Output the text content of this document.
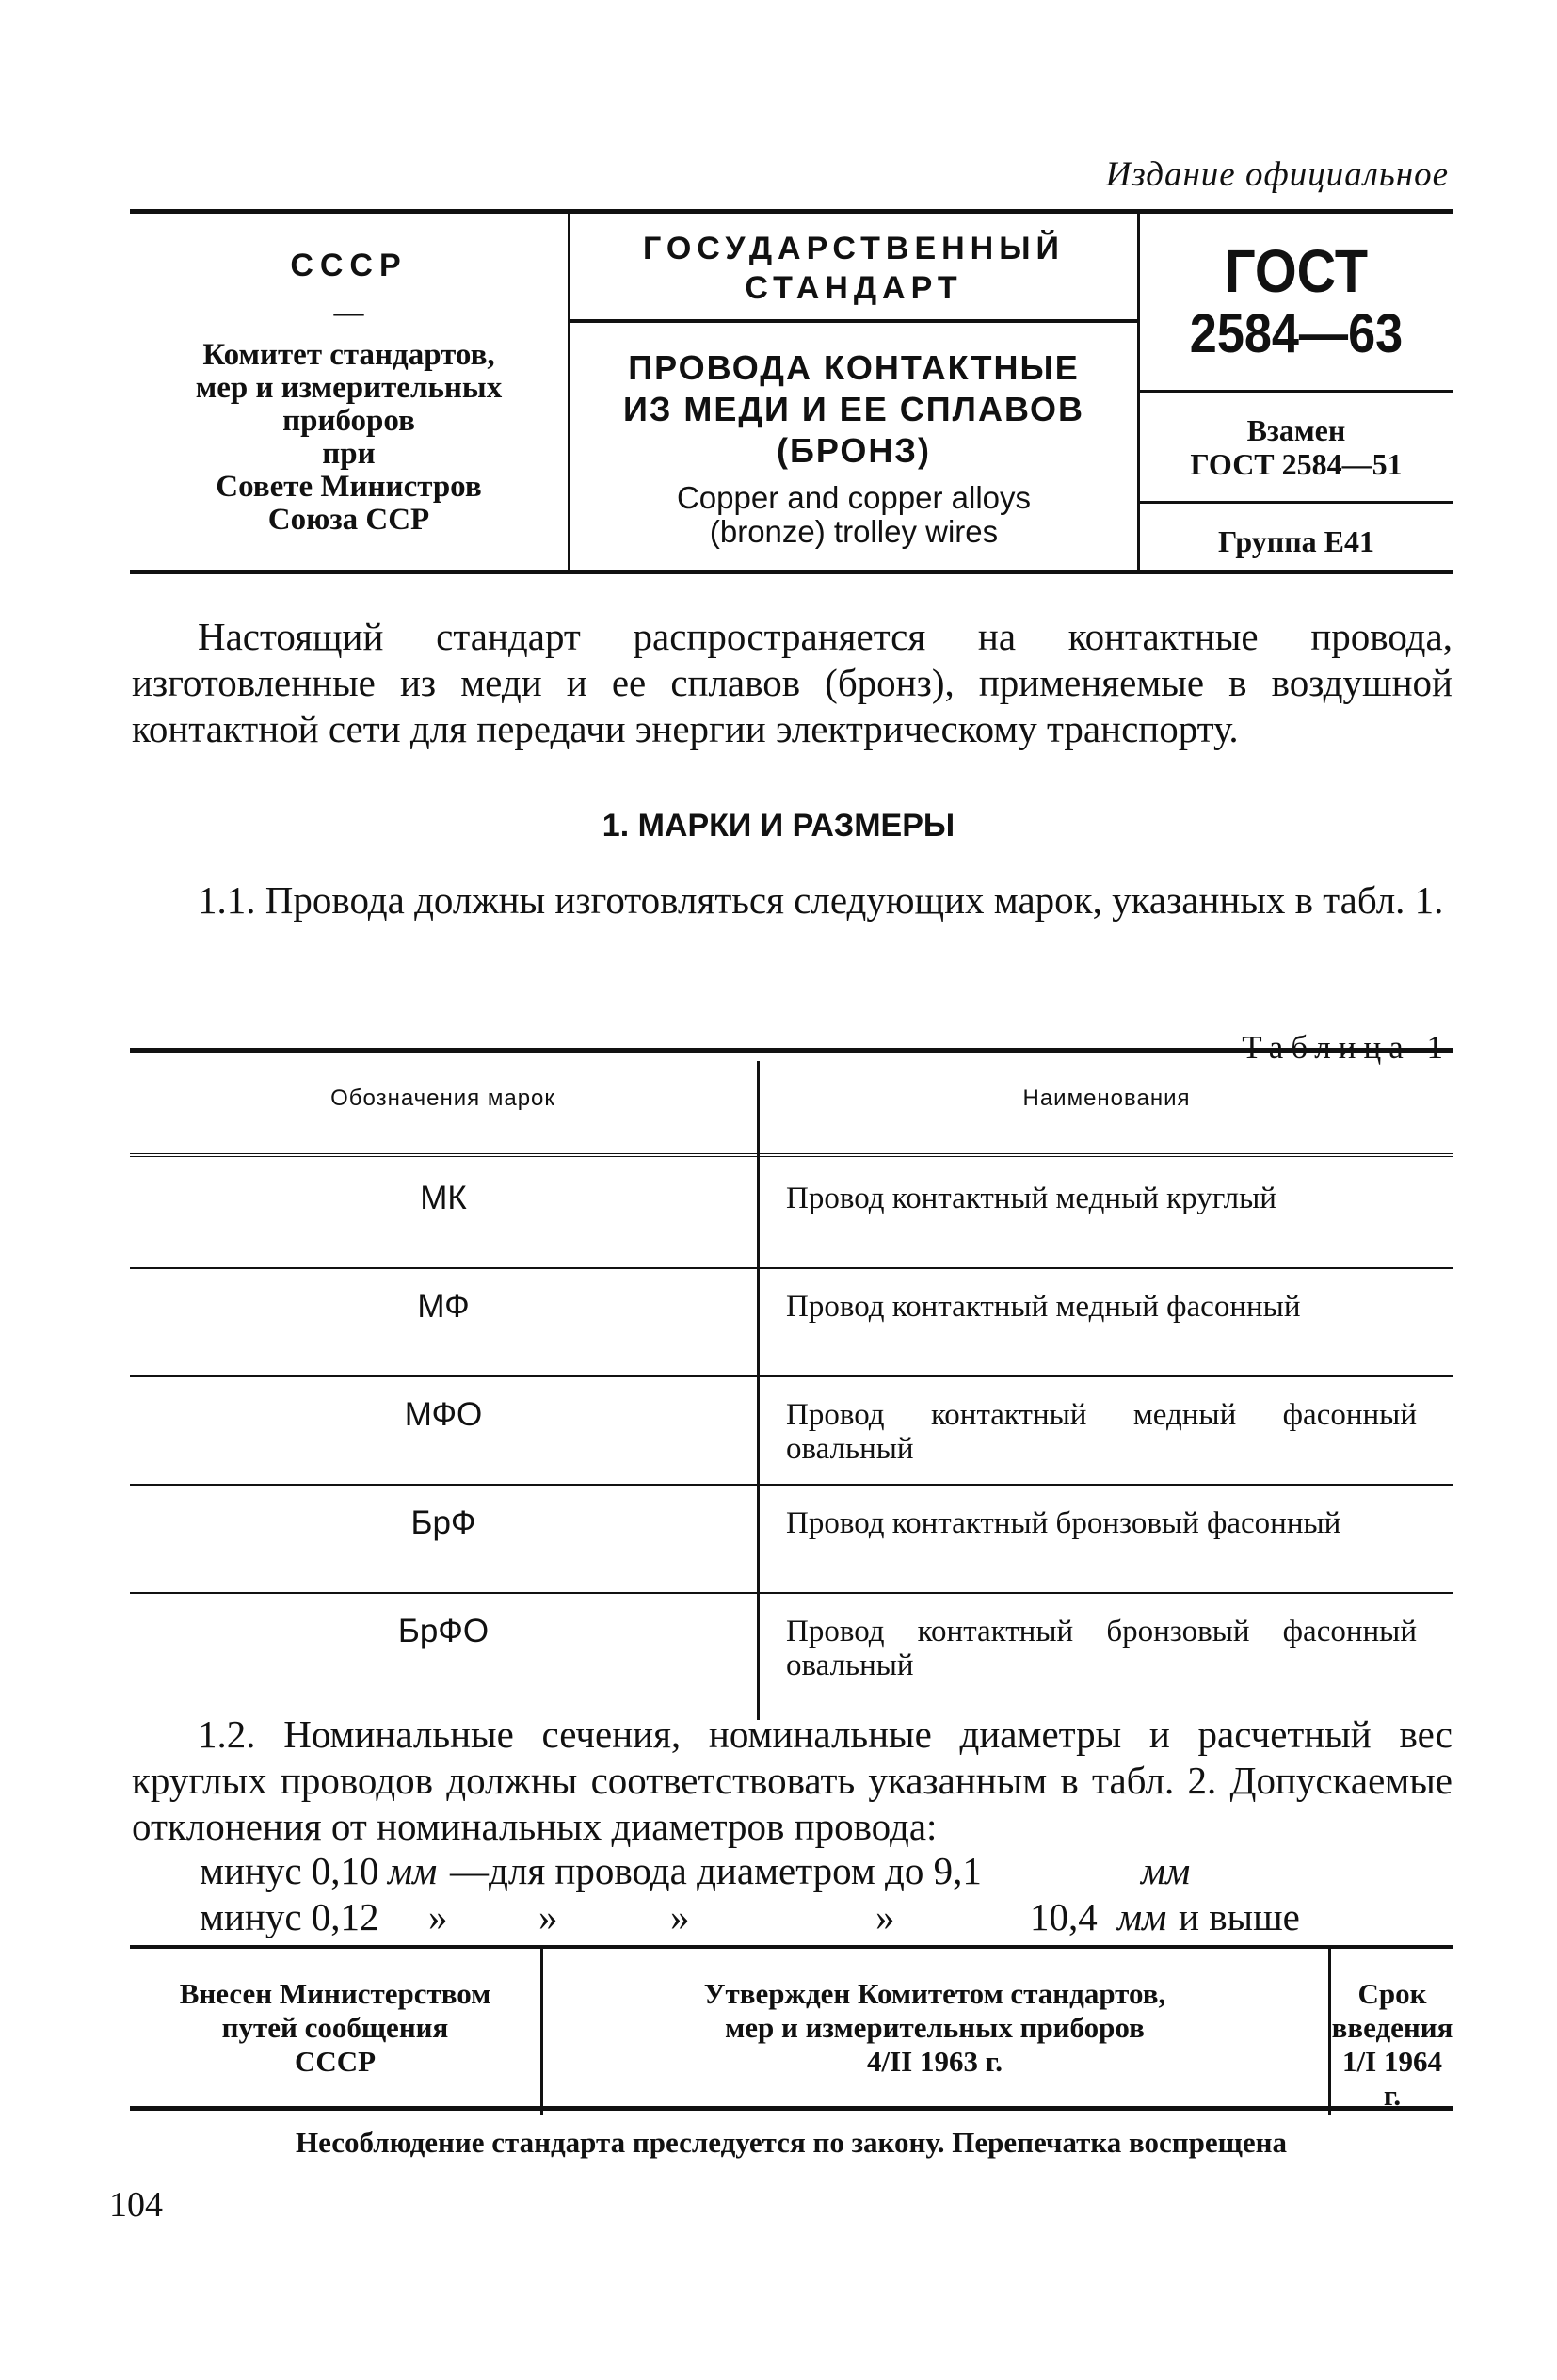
Издание официальное
СССР
—
Комитет стандартов,
мер и измерительных
приборов
при
Совете Министров
Союза ССР
ГОСУДАРСТВЕННЫЙ
СТАНДАРТ
ПРОВОДА КОНТАКТНЫЕ
ИЗ МЕДИ И ЕЕ СПЛАВОВ
(БРОНЗ)
Copper and copper alloys
(bronze) trolley wires
ГОСТ
2584—63
Взамен
ГОСТ 2584—51
Группа Е41
Настоящий стандарт распространяется на контактные провода, изготовленные из меди и ее сплавов (бронз), применяемые в воздушной контактной сети для передачи энергии электрическому транспорту.
1. МАРКИ И РАЗМЕРЫ
1.1. Провода должны изготовляться следующих марок, указанных в табл. 1.
Таблица 1
Обозначения марок	Наименования
МК	Провод контактный медный круглый
МФ	Провод контактный медный фасонный
МФО	Провод контактный медный фасонный овальный
БрФ	Провод контактный бронзовый фасонный
БрФО	Провод контактный бронзовый фасонный овальный
1.2. Номинальные сечения, номинальные диаметры и расчетный вес круглых проводов должны соответствовать указанным в табл. 2. Допускаемые отклонения от номинальных диаметров провода:
минус 0,10 мм —для провода диаметром до 9,1	мм
минус 0,12 » »	»	»	10,4 мм и выше
Внесен Министерством
путей сообщения
СССР
Утвержден Комитетом стандартов,
мер и измерительных приборов
4/II 1963 г.
Срок введения
1/I 1964 г.
Несоблюдение стандарта преследуется по закону. Перепечатка воспрещена
104
